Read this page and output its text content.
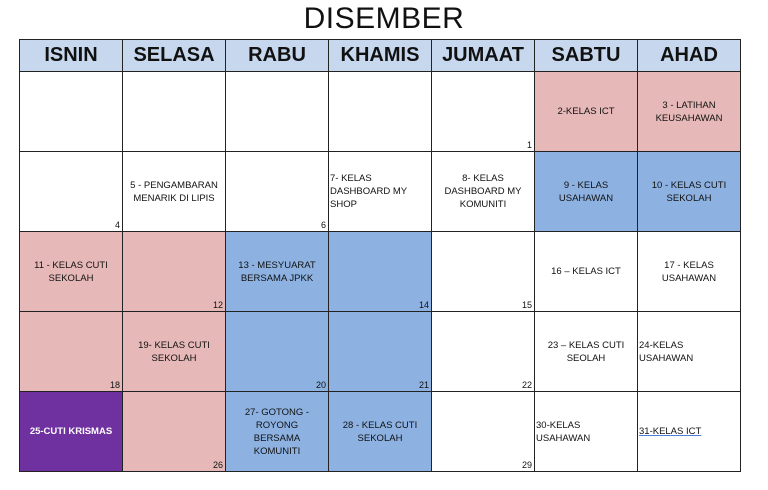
DISEMBER
ISNIN	SELASA	RABU	KHAMIS	JUMAAT	SABTU	AHAD

				1	2-KELAS ICT	3 - LATIHAN KEUSAHAWAN

4	5 - PENGAMBARAN MENARIK DI LIPIS	6	7- KELAS DASHBOARD MY SHOP	8- KELAS DASHBOARD MY KOMUNITI	9 - KELAS USAHAWAN	10 - KELAS CUTI SEKOLAH

11 - KELAS CUTI SEKOLAH	12	13 - MESYUARAT BERSAMA JPKK	14	15	16 – KELAS ICT	17 - KELAS USAHAWAN

18	19- KELAS CUTI SEKOLAH	20	21	22	23 – KELAS CUTI SEOLAH	24-KELAS USAHAWAN

25-CUTI KRISMAS	26	27- GOTONG - ROYONG BERSAMA KOMUNITI	28 - KELAS CUTI SEKOLAH	29	30-KELAS USAHAWAN	31-KELAS ICT
